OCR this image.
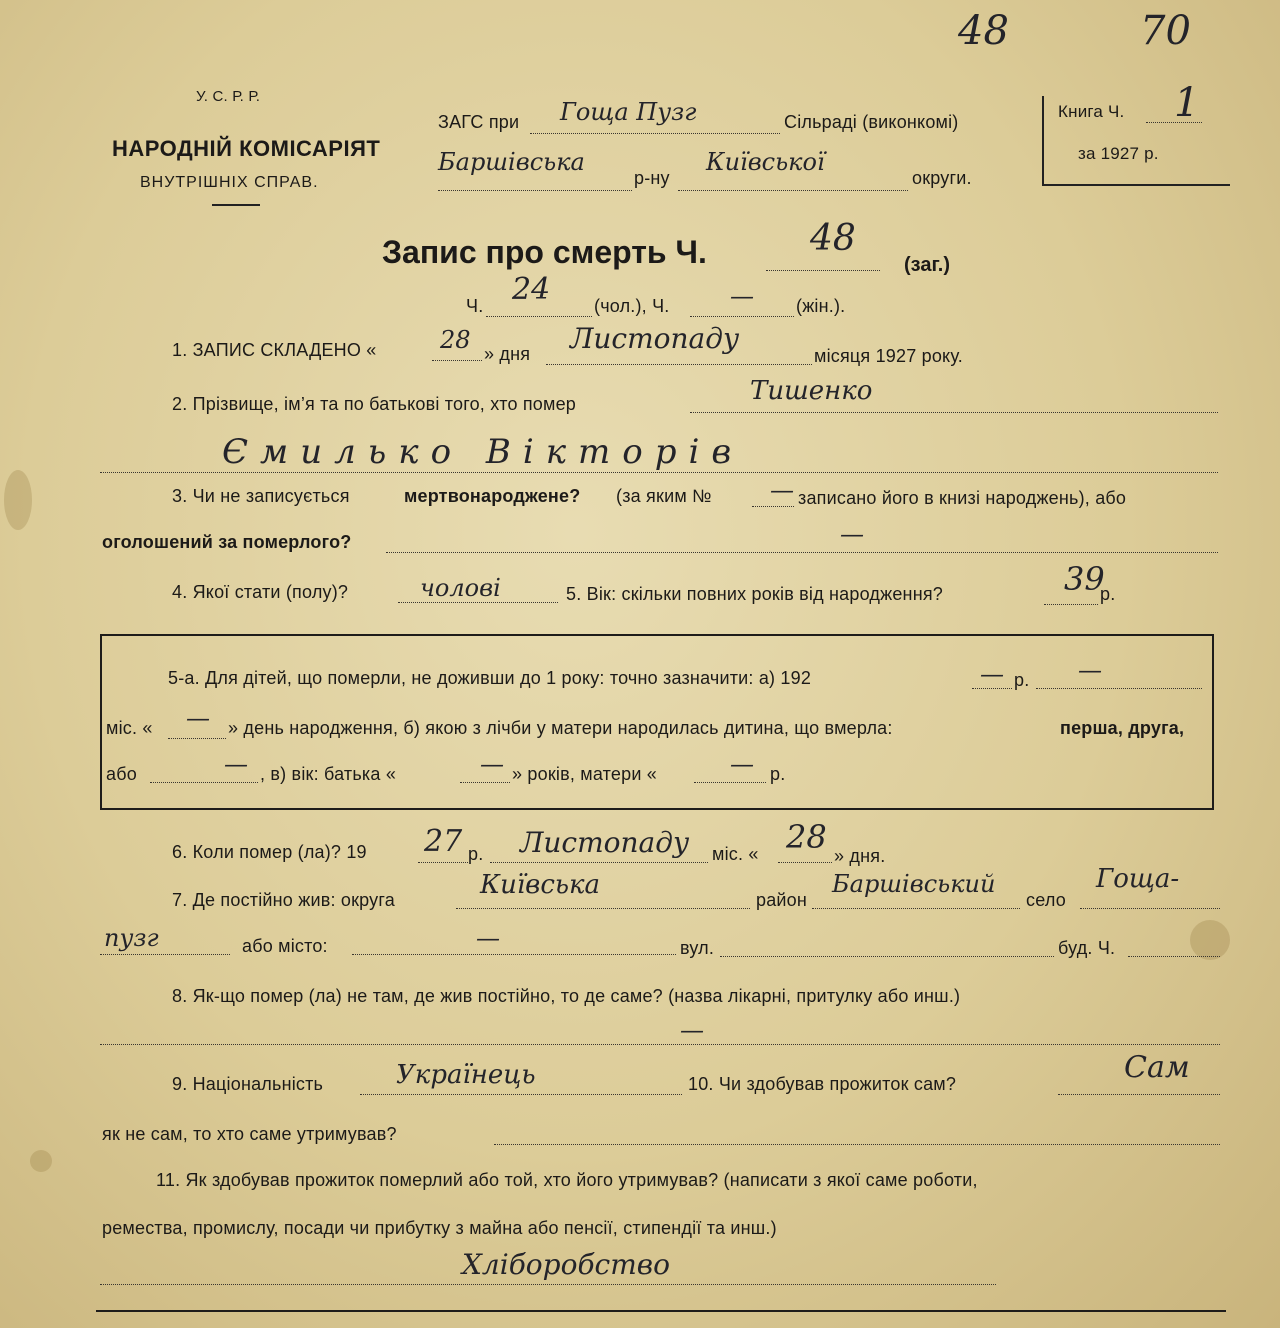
48	70
У. С. Р. Р.
НАРОДНІЙ КОМІСАРІЯТ
ВНУТРІШНІХ СПРАВ.
ЗАГС при Гоща Пузг	Сільраді (виконкомі)
Баршівська
р-ну
Київської
округи.
Книга Ч. 1
за 1927 р.
Запис про смерть Ч.	48
(заг.)
Ч. 24 (чол.), Ч.	— (жін.).
1. ЗАПИС СКЛАДЕНО «	28 » дня Листопаду
місяця 1927 року.
2. Прізвище, ім’я та по батькові того, хто помер	Тишенко
Ємилько Вікторів
3. Чи не записується	мертвонароджене? (за яким № — записано його в книзі народжень), або
оголошений за померлого?	—
4. Якої стати (полу)?	чолові	5. Вік: скільки повних років від народження?	39
р.
5-а. Для дітей, що померли, не доживши до 1 року: точно зазначити: а) 192	— р. —
міс. « — » день народження, б) якою з лічби у матери народилась дитина, що вмерла:	перша, друга,
або	— , в) вік: батька «	— » років, матери «	— р.
6. Коли помер (ла)? 19 27 р. Листопаду міс. « 28 » дня.
7. Де постійно жив: округа	Київська	район
Баршівський
село
Гоща-
пузг	або місто:	—	вул.	буд. Ч.
8. Як-що помер (ла) не там, де жив постійно, то де саме? (назва лікарні, притулку або инш.)
—
9. Національність	Українець	10. Чи здобував прожиток сам?	Сам
як не сам, то хто саме утримував?
11. Як здобував прожиток померлий або той, хто його утримував? (написати з якої саме роботи,
ремества, промислу, посади чи прибутку з майна або пенсії, стипендії та инш.)
Хліборобство
